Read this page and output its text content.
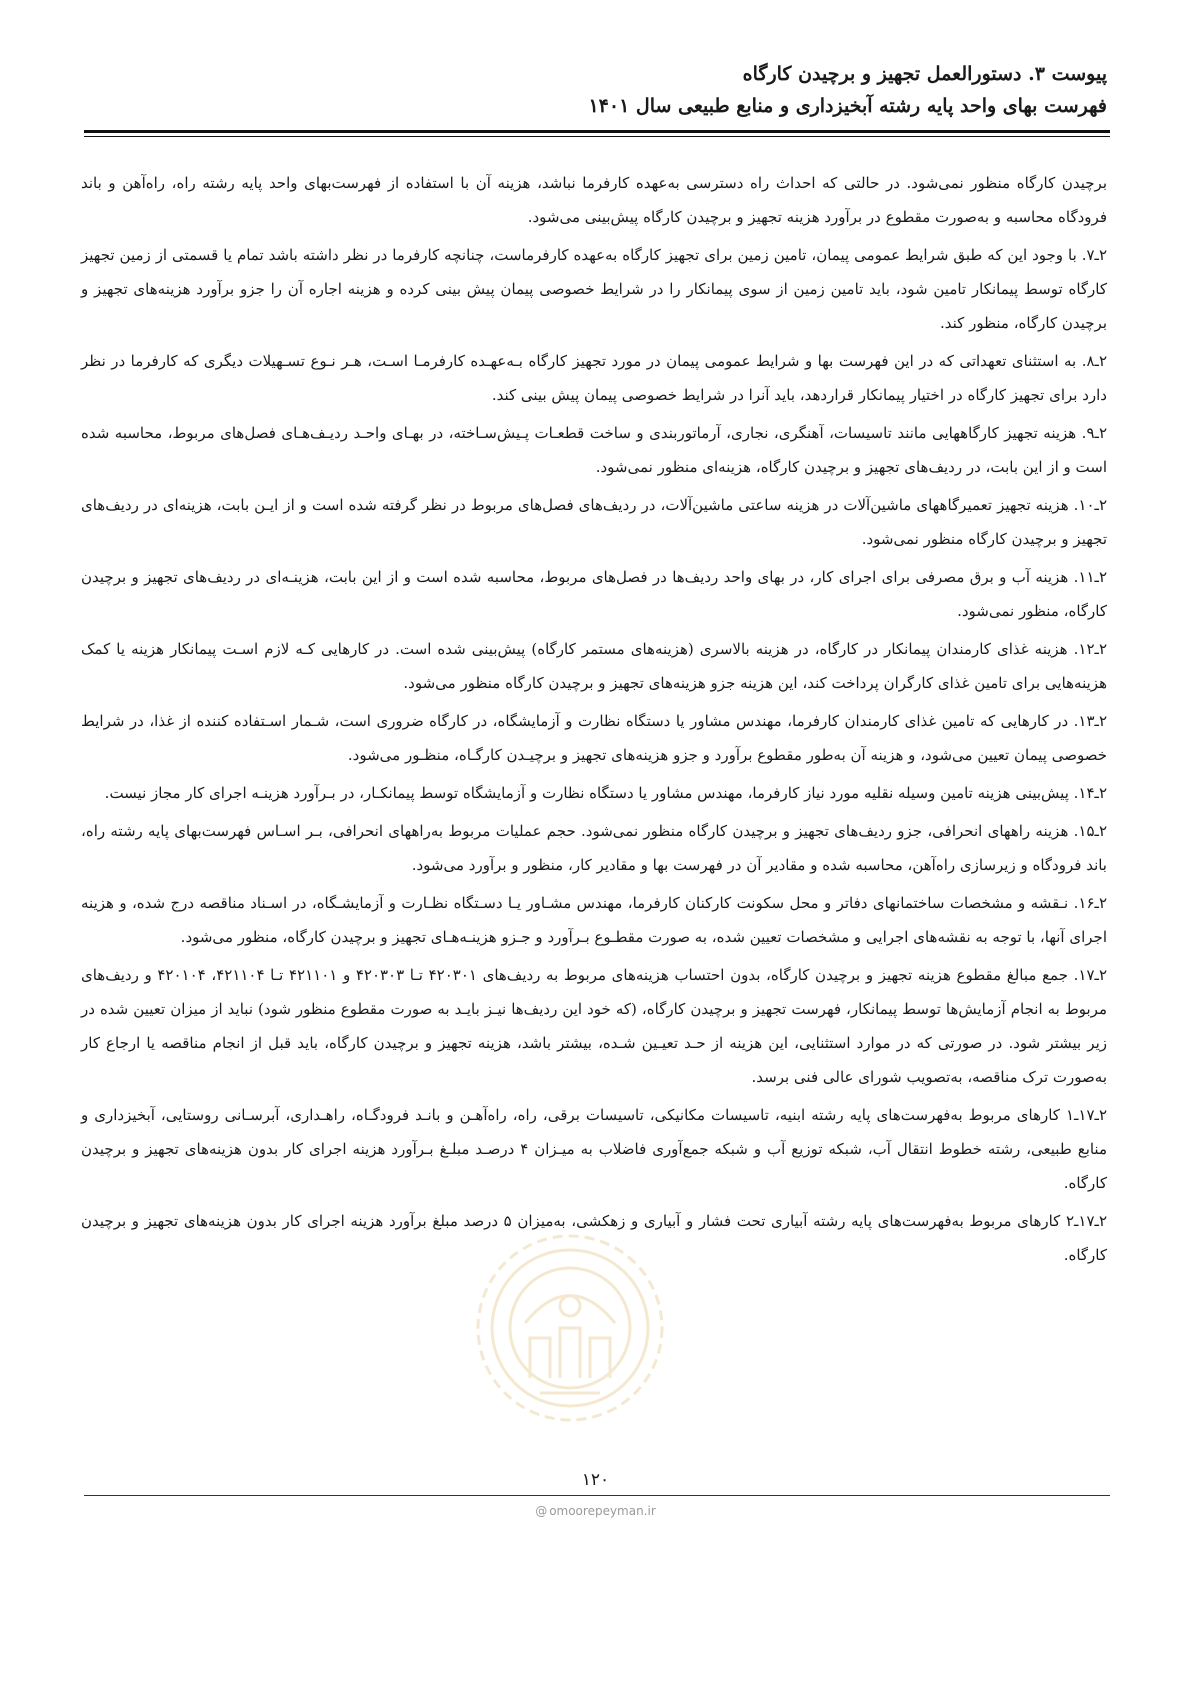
پیوست ۳. دستورالعمل تجهیز و برچیدن کارگاه
فهرست بهای واحد پایه رشته آبخیزداری و منابع طبیعی سال ۱۴۰۱

برچیدن کارگاه منظور نمی‌شود. در حالتی که احداث راه دسترسی به‌عهده کارفرما نباشد، هزینه آن با استفاده از فهرست‌بهای واحد پایه رشته راه، راه‌آهن و باند فرودگاه محاسبه و به‌صورت مقطوع در برآورد هزینه تجهیز و برچیدن کارگاه پیش‌بینی می‌شود.

۲ـ۷. با وجود این که طبق شرایط عمومی پیمان، تامین زمین برای تجهیز کارگاه به‌عهده کارفرماست، چنانچه کارفرما در نظر داشته باشد تمام یا قسمتی از زمین تجهیز کارگاه توسط پیمانکار تامین شود، باید تامین زمین از سوی پیمانکار را در شرایط خصوصی پیمان پیش بینی کرده و هزینه اجاره آن را جزو برآورد هزینه‌های تجهیز و برچیدن کارگاه، منظور کند.

۲ـ۸. به استثنای تعهداتی که در این فهرست بها و شرایط عمومی پیمان در مورد تجهیز کارگاه بـه‌عهـده کارفرمـا اسـت، هـر نـوع تسـهیلات دیگری که کارفرما در نظر دارد برای تجهیز کارگاه در اختیار پیمانکار قراردهد، باید آنرا در شرایط خصوصی پیمان پیش بینی کند.

۲ـ۹. هزینه تجهیز کارگاههایی مانند تاسیسات، آهنگری، نجاری، آرماتوربندی و ساخت قطعـات پـیش‌سـاخته، در بهـای واحـد ردیـف‌هـای فصل‌های مربوط، محاسبه شده است و از این بابت، در ردیف‌های تجهیز و برچیدن کارگاه، هزینه‌ای منظور نمی‌شود.

۲ـ۱۰. هزینه تجهیز تعمیرگاههای ماشین‌آلات در هزینه ساعتی ماشین‌آلات، در ردیف‌های فصل‌های مربوط در نظر گرفته شده است و از ایـن بابت، هزینه‌ای در ردیف‌های تجهیز و برچیدن کارگاه منظور نمی‌شود.

۲ـ۱۱. هزینه آب و برق مصرفی برای اجرای کار، در بهای واحد ردیف‌ها در فصل‌های مربوط، محاسبه شده است و از این بابت، هزینـه‌ای در ردیف‌های تجهیز و برچیدن کارگاه، منظور نمی‌شود.

۲ـ۱۲. هزینه غذای کارمندان پیمانکار در کارگاه، در هزینه بالاسری (هزینه‌های مستمر کارگاه) پیش‌بینی شده است. در کارهایی کـه لازم اسـت پیمانکار هزینه یا کمک هزینه‌هایی برای تامین غذای کارگران پرداخت کند، این هزینه جزو هزینه‌های تجهیز و برچیدن کارگاه منظور می‌شود.

۲ـ۱۳. در کارهایی که تامین غذای کارمندان کارفرما، مهندس مشاور یا دستگاه نظارت و آزمایشگاه، در کارگاه ضروری است، شـمار اسـتفاده کننده از غذا، در شرایط خصوصی پیمان تعیین می‌شود، و هزینه آن به‌طور مقطوع برآورد و جزو هزینه‌های تجهیز و برچیـدن کارگـاه، منظـور می‌شود.

۲ـ۱۴. پیش‌بینی هزینه تامین وسیله نقلیه مورد نیاز کارفرما، مهندس مشاور یا دستگاه نظارت و آزمایشگاه توسط پیمانکـار، در بـرآورد هزینـه اجرای کار مجاز نیست.

۲ـ۱۵. هزینه راههای انحرافی، جزو ردیف‌های تجهیز و برچیدن کارگاه منظور نمی‌شود. حجم عملیات مربوط به‌راههای انحرافی، بـر اسـاس فهرست‌بهای پایه رشته راه، باند فرودگاه و زیرسازی راه‌آهن، محاسبه شده و مقادیر آن در فهرست بها و مقادیر کار، منظور و برآورد می‌شود.

۲ـ۱۶. نـقشه و مشخصات ساختمانهای دفاتر و محل سکونت کارکنان کارفرما، مهندس مشـاور یـا دسـتگاه نظـارت و آزمایشـگاه، در اسـناد مناقصه درج شده، و هزینه اجرای آنها، با توجه به نقشه‌های اجرایی و مشخصات تعیین شده، به صورت مقطـوع بـرآورد و جـزو هزینـه‌هـای تجهیز و برچیدن کارگاه، منظور می‌شود.

۲ـ۱۷. جمع مبالغ مقطوع هزینه تجهیز و برچیدن کارگاه، بدون احتساب هزینه‌های مربوط به ردیف‌های ۴۲۰۳۰۱ تـا ۴۲۰۳۰۳ و ۴۲۱۱۰۱ تـا ۴۲۱۱۰۴، ۴۲۰۱۰۴ و ردیف‌های مربوط به انجام آزمایش‌ها توسط پیمانکار، فهرست تجهیز و برچیدن کارگاه، (که خود این ردیف‌ها نیـز بایـد به صورت مقطوع منظور شود) نباید از میزان تعیین شده در زیر بیشتر شود. در صورتی که در موارد استثنایی، این هزینه از حـد تعیـین شـده، بیشتر باشد، هزینه تجهیز و برچیدن کارگاه، باید قبل از انجام مناقصه یا ارجاع کار به‌صورت ترک مناقصه، به‌تصویب شورای عالی فنی برسد.

۲ـ۱۷ـ۱ کارهای مربوط به‌فهرست‌های پایه رشته ابنیه، تاسیسات مکانیکی، تاسیسات برقی، راه، راه‌آهـن و بانـد فرودگـاه، راهـداری، آبرسـانی روستایی، آبخیزداری و منابع طبیعی، رشته خطوط انتقال آب، شبکه توزیع آب و شبکه جمع‌آوری فاضلاب به میـزان ۴ درصـد مبلـغ بـرآورد هزینه اجرای کار بدون هزینه‌های تجهیز و برچیدن کارگاه.

۲ـ۱۷ـ۲ کارهای مربوط به‌فهرست‌های پایه رشته آبیاری تحت فشار و آبیاری و زهکشی، به‌میزان ۵ درصد مبلغ برآورد هزینه اجرای کار بدون هزینه‌های تجهیز و برچیدن کارگاه.

۱۲۰
@ omoorepeyman.ir
